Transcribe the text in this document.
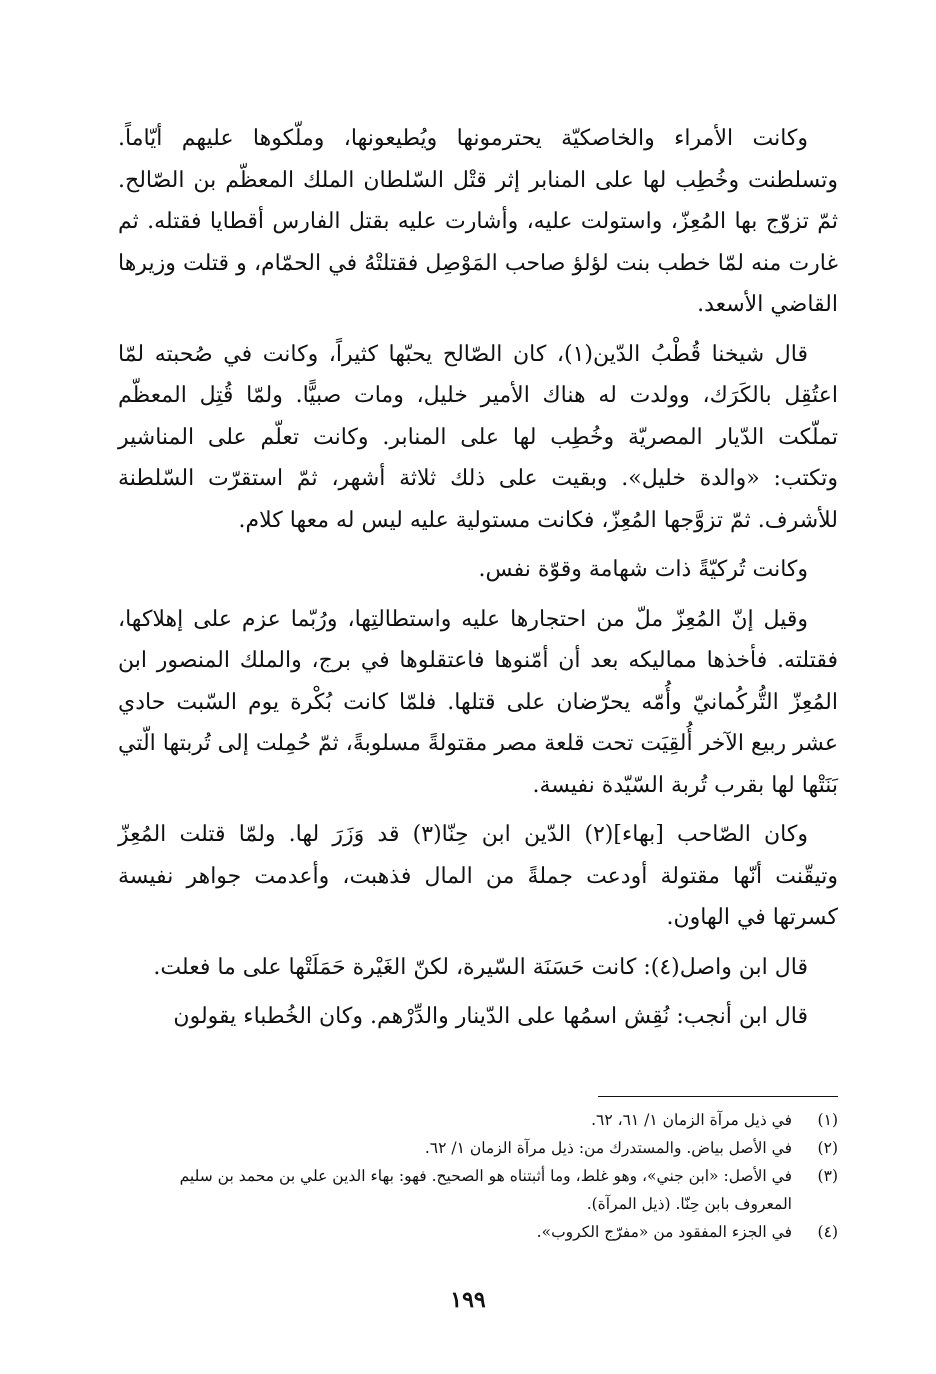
وكانت الأمراء والخاصكيّة يحترمونها ويُطيعونها، وملّكوها عليهم أيّاماً. وتسلطنت وخُطِب لها على المنابر إثر قتْل السّلطان الملك المعظّم بن الصّالح. ثمّ تزوّج بها المُعِزّ، واستولت عليه، وأشارت عليه بقتل الفارس أقطايا فقتله. ثم غارت منه لمّا خطب بنت لؤلؤ صاحب المَوْصِل فقتلتْهُ في الحمّام، و قتلت وزيرها القاضي الأسعد.

قال شيخنا قُطْبُ الدّين(١)، كان الصّالح يحبّها كثيراً، وكانت في صُحبته لمّا اعتُقِل بالكَرَك، وولدت له هناك الأمير خليل، ومات صبيًّا. ولمّا قُتِل المعظّم تملّكت الدّيار المصريّة وخُطِب لها على المنابر. وكانت تعلّم على المناشير وتكتب: «والدة خليل». وبقيت على ذلك ثلاثة أشهر، ثمّ استقرّت السّلطنة للأشرف. ثمّ تزوَّجها المُعِزّ، فكانت مستولية عليه ليس له معها كلام.

وكانت تُركيّةً ذات شهامة وقوّة نفس.

وقيل إنّ المُعِزّ ملّ من احتجارها عليه واستطالتِها، ورُبّما عزم على إهلاكها، فقتلته. فأخذها مماليكه بعد أن أمّنوها فاعتقلوها في برج، والملك المنصور ابن المُعِزّ التُّركُمانيّ وأُمّه يحرّضان على قتلها. فلمّا كانت بُكْرة يوم السّبت حادي عشر ربيع الآخر أُلقِيَت تحت قلعة مصر مقتولةً مسلوبةً، ثمّ حُمِلت إلى تُربتها الّتي بَنَتْها لها بقرب تُربة السّيّدة نفيسة.

وكان الصّاحب [بهاء](٢) الدّين ابن حِنّا(٣) قد وَزَرَ لها. ولمّا قتلت المُعِزّ وتيقّنت أنّها مقتولة أودعت جملةً من المال فذهبت، وأعدمت جواهر نفيسة كسرتها في الهاون.

قال ابن واصل(٤): كانت حَسَنَة السّيرة، لكنّ الغَيْرة حَمَلَتْها على ما فعلت.

قال ابن أنجب: نُقِش اسمُها على الدّينار والدِّرْهم. وكان الخُطباء يقولون

(١)
في ذيل مرآة الزمان ١/ ٦١، ٦٢.
(٢)
في الأصل بياض. والمستدرك من: ذيل مرآة الزمان ١/ ٦٢.
(٣)
في الأصل: «ابن جني»، وهو غلط، وما أثبتناه هو الصحيح. فهو: بهاء الدين علي بن محمد بن سليم المعروف بابن حِنّا. (ذيل المرآة).
(٤)
في الجزء المفقود من «مفرّج الكروب».
١٩٩
